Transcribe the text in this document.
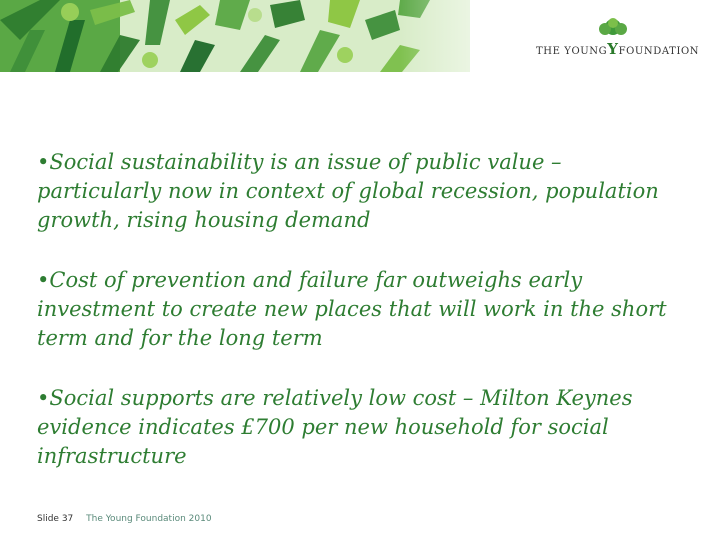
THE YOUNGYFOUNDATION

•Social sustainability is an issue of public value – particularly now in context of global recession, population growth, rising housing demand

•Cost of prevention and failure far outweighs early investment to create new places that will work in the short term and for the long term

•Social supports are relatively low cost – Milton Keynes evidence indicates £700 per new household for social infrastructure

Slide 37 The Young Foundation 2010
